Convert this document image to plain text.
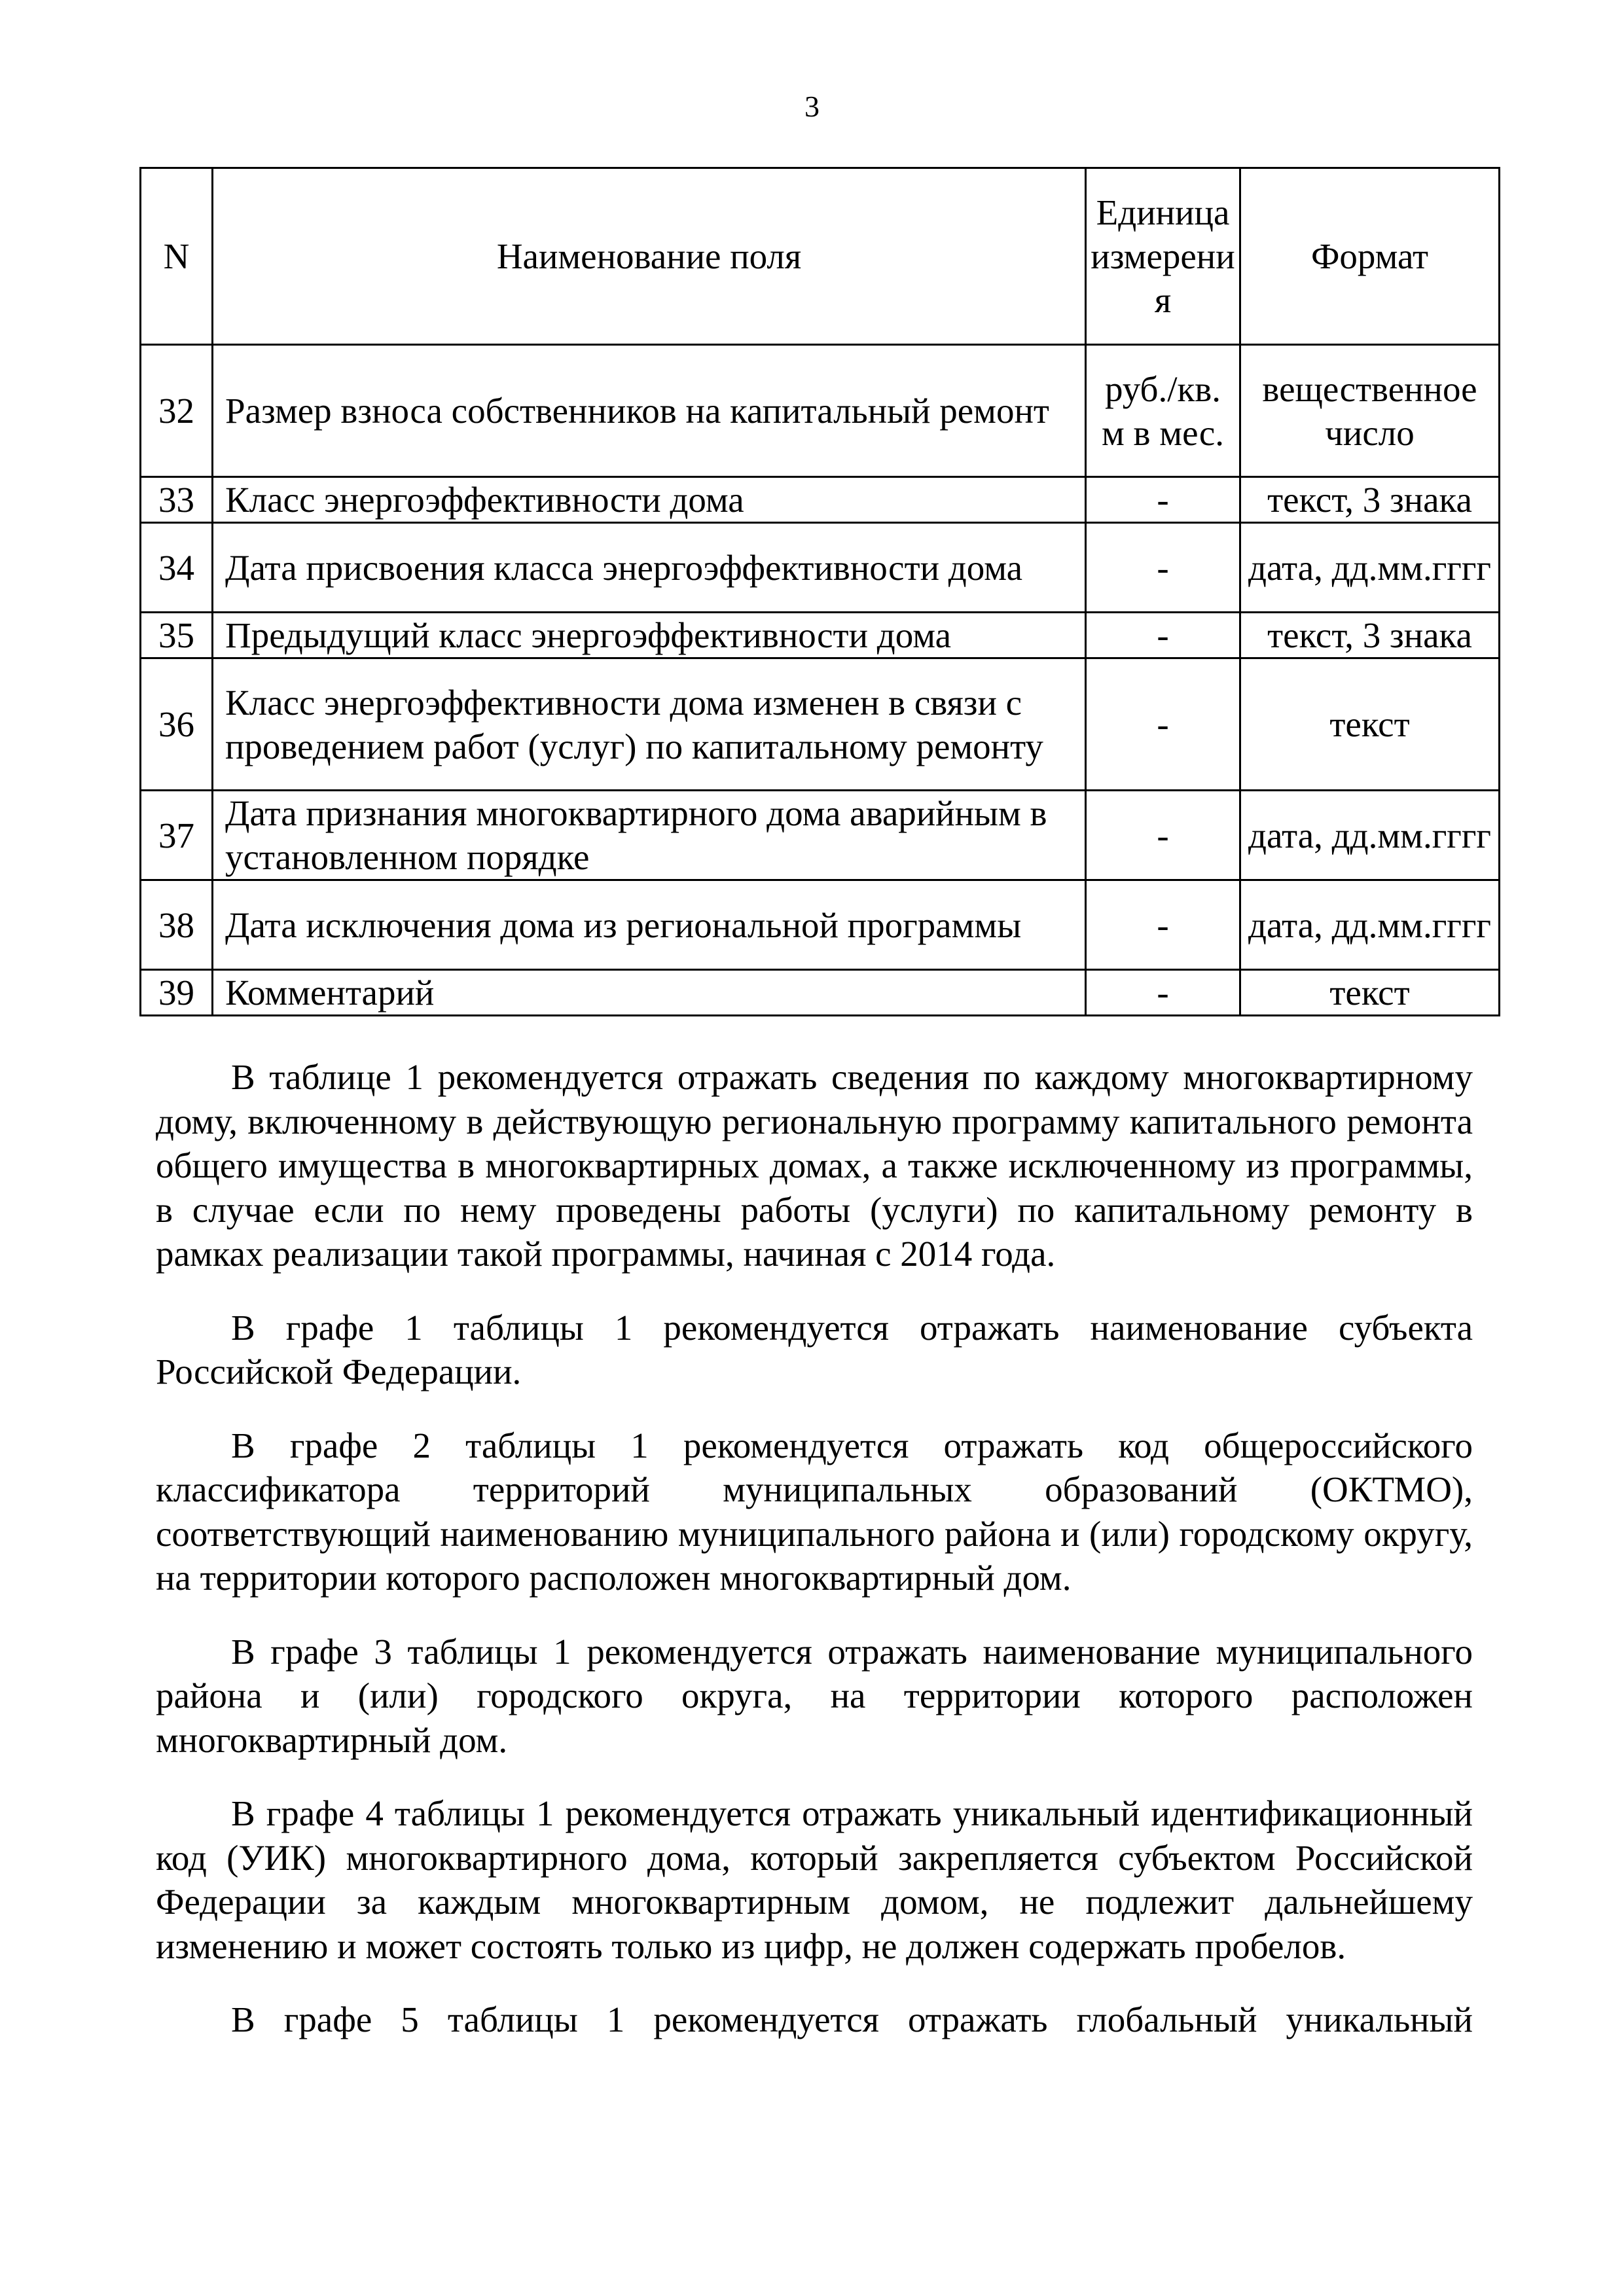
3
N	Наименование поля	Единица измерения	Формат
32	Размер взноса собственников на капитальный ремонт	руб./кв. м в мес.	вещественное число
33	Класс энергоэффективности дома	-	текст, 3 знака
34	Дата присвоения класса энергоэффективности дома	-	дата, дд.мм.гггг
35	Предыдущий класс энергоэффективности дома	-	текст, 3 знака
36	Класс энергоэффективности дома изменен в связи с проведением работ (услуг) по капитальному ремонту	-	текст
37	Дата признания многоквартирного дома аварийным в установленном порядке	-	дата, дд.мм.гггг
38	Дата исключения дома из региональной программы	-	дата, дд.мм.гггг
39	Комментарий	-	текст

В таблице 1 рекомендуется отражать сведения по каждому многоквартирному дому, включенному в действующую региональную программу капитального ремонта общего имущества в многоквартирных домах, а также исключенному из программы, в случае если по нему проведены работы (услуги) по капитальному ремонту в рамках реализации такой программы, начиная с 2014 года.

В графе 1 таблицы 1 рекомендуется отражать наименование субъекта Российской Федерации.

В графе 2 таблицы 1 рекомендуется отражать код общероссийского классификатора территорий муниципальных образований (ОКТМО), соответствующий наименованию муниципального района и (или) городскому округу, на территории которого расположен многоквартирный дом.

В графе 3 таблицы 1 рекомендуется отражать наименование муниципального района и (или) городского округа, на территории которого расположен многоквартирный дом.

В графе 4 таблицы 1 рекомендуется отражать уникальный идентификационный код (УИК) многоквартирного дома, который закрепляется субъектом Российской Федерации за каждым многоквартирным домом, не подлежит дальнейшему изменению и может состоять только из цифр, не должен содержать пробелов.

В графе 5 таблицы 1 рекомендуется отражать глобальный уникальный
